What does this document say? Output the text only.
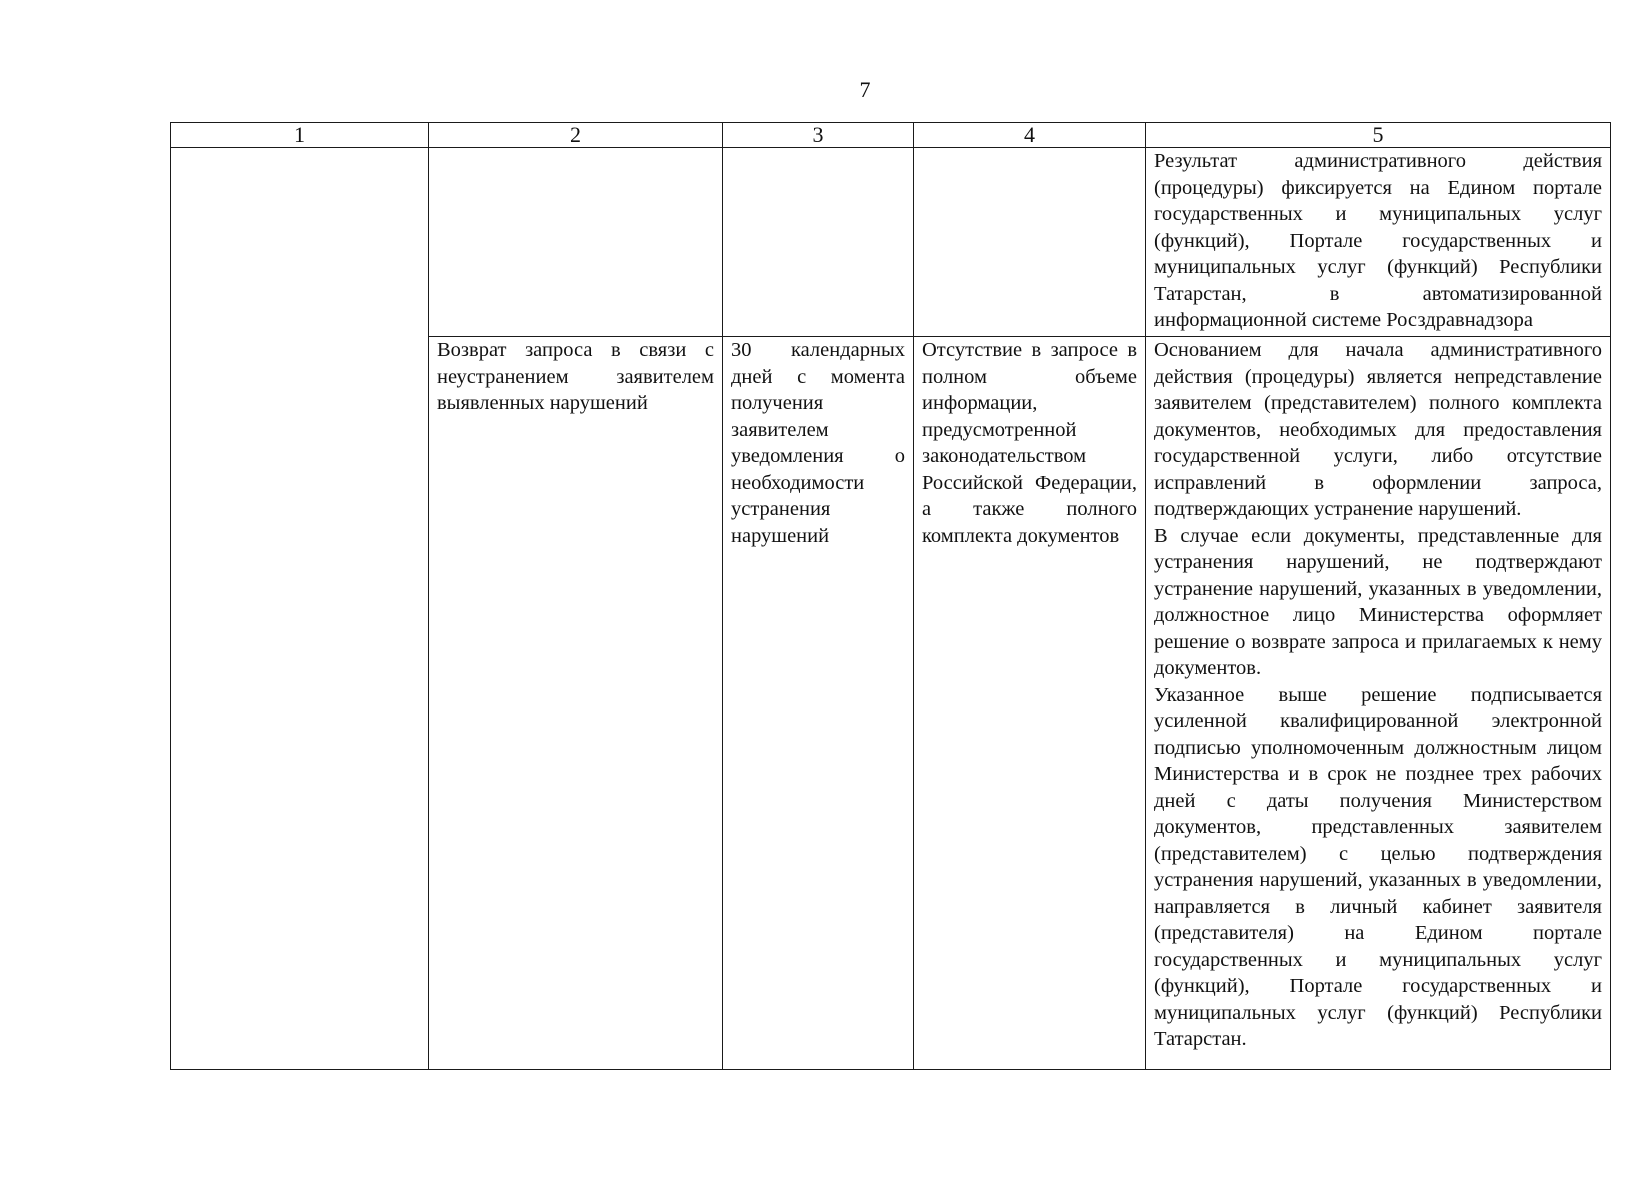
7
1	2	3	4	5

				Результат административного действия (процедуры) фиксируется на Едином портале государственных и муниципальных услуг (функций), Портале государственных и муниципальных услуг (функций) Республики Татарстан, в автоматизированной информационной системе Росздравнадзора

	Возврат запроса в связи с неустранением заявителем выявленных нарушений	30 календарных дней с момента получения заявителем уведомления о необходимости устранения нарушений	Отсутствие в запросе в полном объеме информации, предусмотренной законодательством Российской Федерации, а также полного комплекта документов	Основанием для начала административного действия (процедуры) является непредставление заявителем (представителем) полного комплекта документов, необходимых для предоставления государственной услуги, либо отсутствие исправлений в оформлении запроса, подтверждающих устранение нарушений.

В случае если документы, представленные для устранения нарушений, не подтверждают устранение нарушений, указанных в уведомлении, должностное лицо Министерства оформляет решение о возврате запроса и прилагаемых к нему документов.

Указанное выше решение подписывается усиленной квалифицированной электронной подписью уполномоченным должностным лицом Министерства и в срок не позднее трех рабочих дней с даты получения Министерством документов, представленных заявителем (представителем) с целью подтверждения устранения нарушений, указанных в уведомлении, направляется в личный кабинет заявителя (представителя) на Едином портале государственных и муниципальных услуг (функций), Портале государственных и муниципальных услуг (функций) Республики Татарстан.
